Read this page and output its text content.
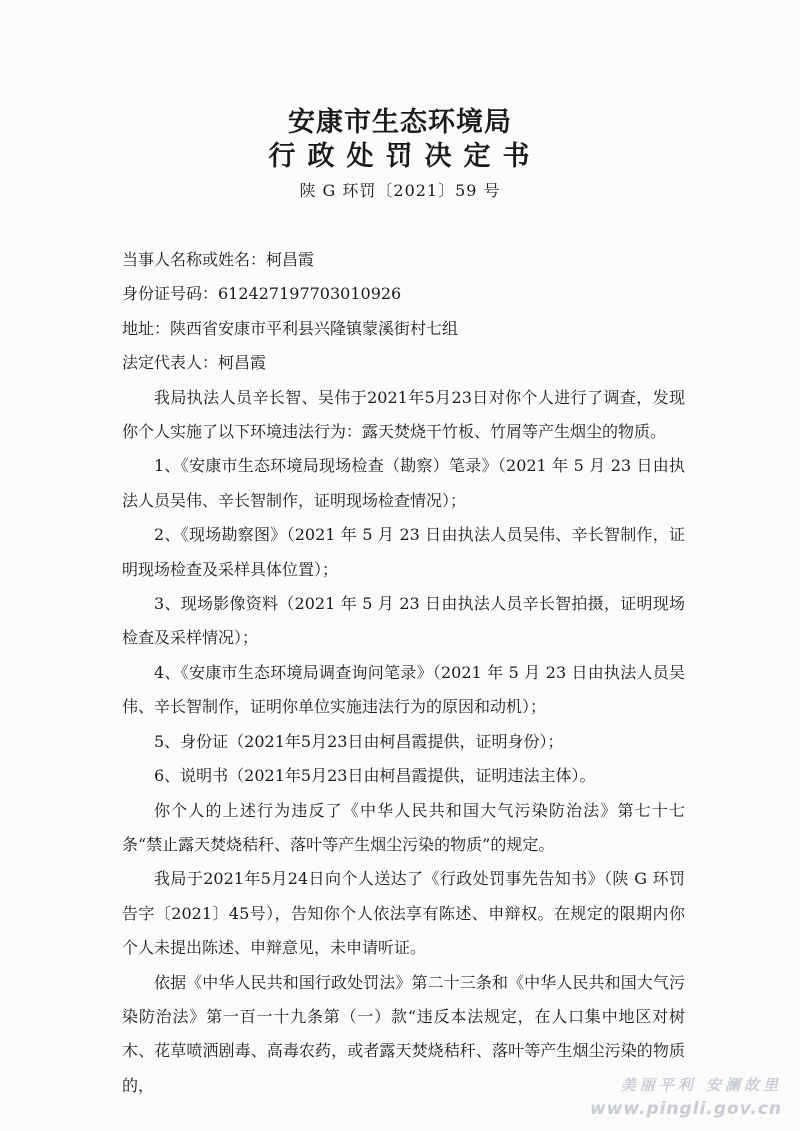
安康市生态环境局
行政处罚决定书
陕 G 环罚〔2021〕59 号

当事人名称或姓名：柯昌霞

身份证号码：612427197703010926

地址：陕西省安康市平利县兴隆镇蒙溪街村七组

法定代表人：柯昌霞

我局执法人员辛长智、吴伟于2021年5月23日对你个人进行了调查，发现你个人实施了以下环境违法行为：露天焚烧干竹板、竹屑等产生烟尘的物质。

1、《安康市生态环境局现场检查（勘察）笔录》（2021 年 5 月 23 日由执法人员吴伟、辛长智制作，证明现场检查情况）；

2、《现场勘察图》（2021 年 5 月 23 日由执法人员吴伟、辛长智制作，证明现场检查及采样具体位置）；

3、现场影像资料（2021 年 5 月 23 日由执法人员辛长智拍摄，证明现场检查及采样情况）；

4、《安康市生态环境局调查询问笔录》（2021 年 5 月 23 日由执法人员吴伟、辛长智制作，证明你单位实施违法行为的原因和动机）；

5、身份证（2021年5月23日由柯昌霞提供，证明身份）；

6、说明书（2021年5月23日由柯昌霞提供，证明违法主体）。

你个人的上述行为违反了《中华人民共和国大气污染防治法》第七十七条“禁止露天焚烧秸秆、落叶等产生烟尘污染的物质”的规定。

我局于2021年5月24日向个人送达了《行政处罚事先告知书》（陕 G 环罚告字〔2021〕45号），告知你个人依法享有陈述、申辩权。在规定的限期内你个人未提出陈述、申辩意见，未申请听证。

依据《中华人民共和国行政处罚法》第二十三条和《中华人民共和国大气污染防治法》第一百一十九条第（一）款“违反本法规定，在人口集中地区对树木、花草喷洒剧毒、高毒农药，或者露天焚烧秸秆、落叶等产生烟尘污染的物质的，	美丽平利 安澜故里
www.pingli.gov.cn
